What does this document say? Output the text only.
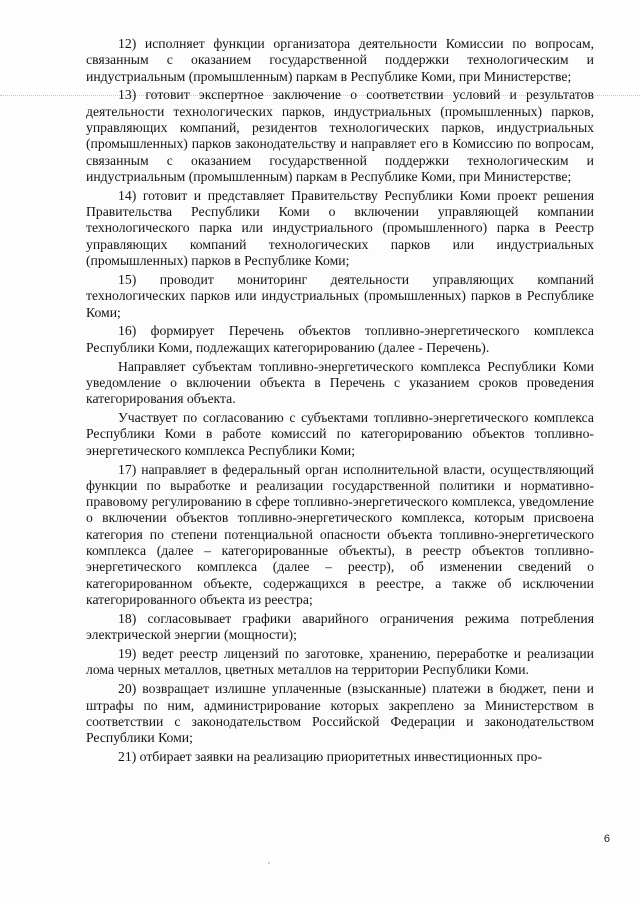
12) исполняет функции организатора деятельности Комиссии по вопросам, связанным с оказанием государственной поддержки технологическим и индустриальным (промышленным) паркам в Республике Коми, при Министерстве;

13) готовит экспертное заключение о соответствии условий и результатов деятельности технологических парков, индустриальных (промышленных) парков, управляющих компаний, резидентов технологических парков, индустриальных (промышленных) парков законодательству и направляет его в Комиссию по вопросам, связанным с оказанием государственной поддержки технологическим и индустриальным (промышленным) паркам в Республике Коми, при Министерстве;

14) готовит и представляет Правительству Республики Коми проект решения Правительства Республики Коми о включении управляющей компании технологического парка или индустриального (промышленного) парка в Реестр управляющих компаний технологических парков или индустриальных (промышленных) парков в Республике Коми;

15) проводит мониторинг деятельности управляющих компаний технологических парков или индустриальных (промышленных) парков в Республике Коми;

16) формирует Перечень объектов топливно-энергетического комплекса Республики Коми, подлежащих категорированию (далее - Перечень).

Направляет субъектам топливно-энергетического комплекса Республики Коми уведомление о включении объекта в Перечень с указанием сроков проведения категорирования объекта.

Участвует по согласованию с субъектами топливно-энергетического комплекса Республики Коми в работе комиссий по категорированию объектов топливно-энергетического комплекса Республики Коми;

17) направляет в федеральный орган исполнительной власти, осуществляющий функции по выработке и реализации государственной политики и нормативно-правовому регулированию в сфере топливно-энергетического комплекса, уведомление о включении объектов топливно-энергетического комплекса, которым присвоена категория по степени потенциальной опасности объекта топливно-энергетического комплекса (далее – категорированные объекты), в реестр объектов топливно-энергетического комплекса (далее – реестр), об изменении сведений о категорированном объекте, содержащихся в реестре, а также об исключении категорированного объекта из реестра;

18) согласовывает графики аварийного ограничения режима потребления электрической энергии (мощности);

19) ведет реестр лицензий по заготовке, хранению, переработке и реализации лома черных металлов, цветных металлов на территории Республики Коми.

20) возвращает излишне уплаченные (взысканные) платежи в бюджет, пени и штрафы по ним, администрирование которых закреплено за Министерством в соответствии с законодательством Российской Федерации и законодательством Республики Коми;

21) отбирает заявки на реализацию приоритетных инвестиционных про-

6
